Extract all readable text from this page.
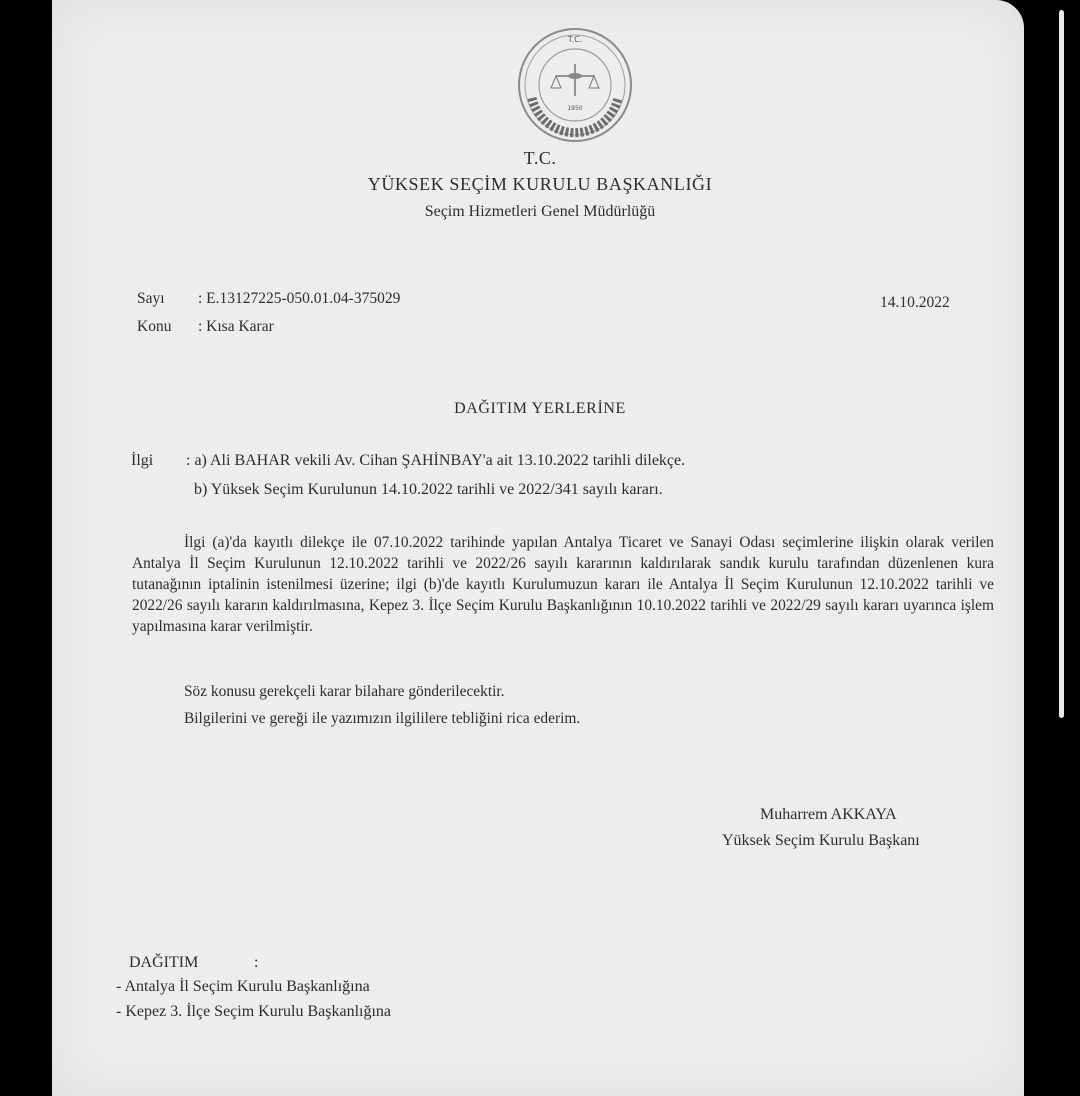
T.C.
1950
T.C.
YÜKSEK SEÇİM KURULU BAŞKANLIĞI
Seçim Hizmetleri Genel Müdürlüğü
Sayı : E.13127225-050.01.04-375029	14.10.2022
Konu : Kısa Karar
DAĞITIM YERLERİNE
İlgi : a) Ali BAHAR vekili Av. Cihan ŞAHİNBAY'a ait 13.10.2022 tarihli dilekçe.
b) Yüksek Seçim Kurulunun 14.10.2022 tarihli ve 2022/341 sayılı kararı.
İlgi (a)'da kayıtlı dilekçe ile 07.10.2022 tarihinde yapılan Antalya Ticaret ve Sanayi Odası seçimlerine ilişkin olarak verilen Antalya İl Seçim Kurulunun 12.10.2022 tarihli ve 2022/26 sayılı kararının kaldırılarak sandık kurulu tarafından düzenlenen kura tutanağının iptalinin istenilmesi üzerine; ilgi (b)'de kayıtlı Kurulumuzun kararı ile Antalya İl Seçim Kurulunun 12.10.2022 tarihli ve 2022/26 sayılı kararın kaldırılmasına, Kepez 3. İlçe Seçim Kurulu Başkanlığının 10.10.2022 tarihli ve 2022/29 sayılı kararı uyarınca işlem yapılmasına karar verilmiştir.
Söz konusu gerekçeli karar bilahare gönderilecektir.
Bilgilerini ve gereği ile yazımızın ilgililere tebliğini rica ederim.
Muharrem AKKAYA
Yüksek Seçim Kurulu Başkanı
DAĞITIM	:
- Antalya İl Seçim Kurulu Başkanlığına
- Kepez 3. İlçe Seçim Kurulu Başkanlığına
